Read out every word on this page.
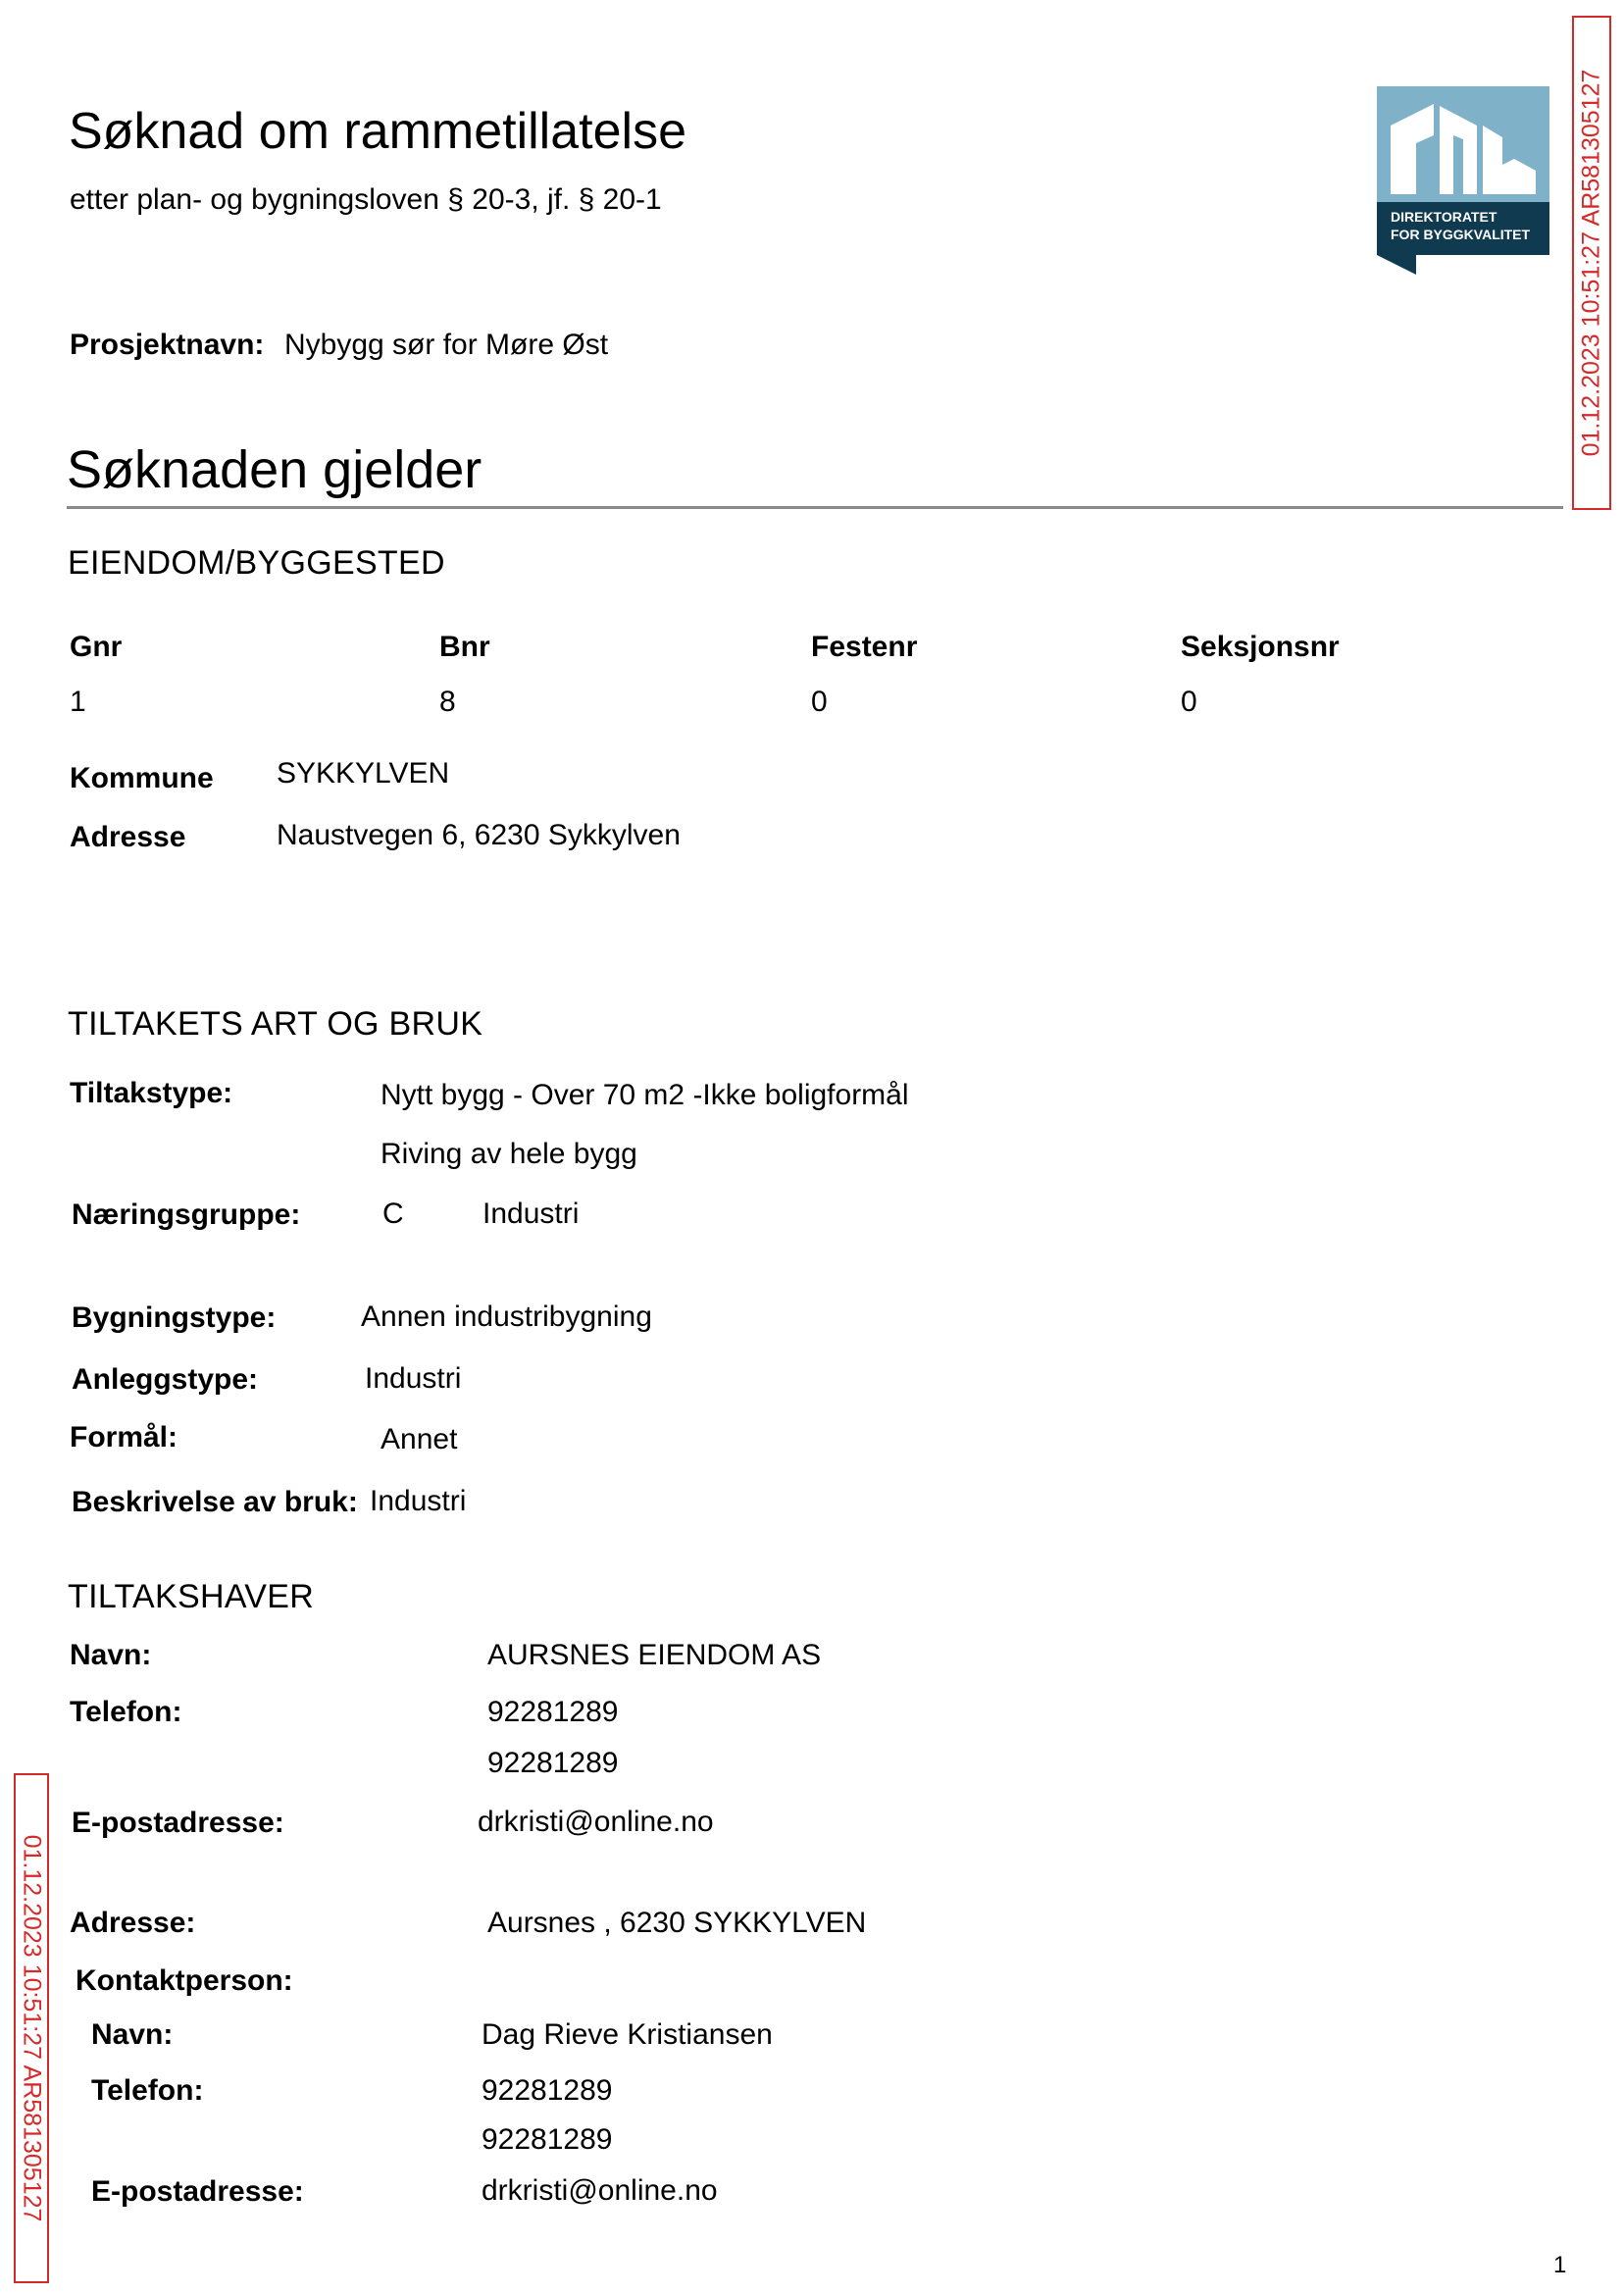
Søknad om rammetillatelse
etter plan- og bygningsloven § 20-3, jf. § 20-1
DIREKTORATET
FOR BYGGKVALITET 01.12.2023 10:51:27 AR581305127
Prosjektnavn: Nybygg sør for Møre Øst
Søknaden gjelder
EIENDOM/BYGGESTED
Gnr	Bnr	Festenr	Seksjonsnr
1	8	0	0
Kommune SYKKYLVEN
Adresse	Naustvegen 6, 6230 Sykkylven
TILTAKETS ART OG BRUK
Tiltakstype:	Nytt bygg - Over 70 m2 -Ikke boligformål
Riving av hele bygg
Næringsgruppe:	C	Industri
Bygningstype:	Annen industribygning
Anleggstype:	Industri
Formål:	Annet
Beskrivelse av bruk: Industri
TILTAKSHAVER
Navn:	AURSNES EIENDOM AS
Telefon:	92281289
92281289
E-postadresse:	drkristi@online.no
Adresse:	Aursnes , 6230 SYKKYLVEN
Kontaktperson:
Navn:	Dag Rieve Kristiansen
Telefon:	92281289
92281289
E-postadresse:	drkristi@online.no
01.12.2023 10:51:27 AR581305127
1
